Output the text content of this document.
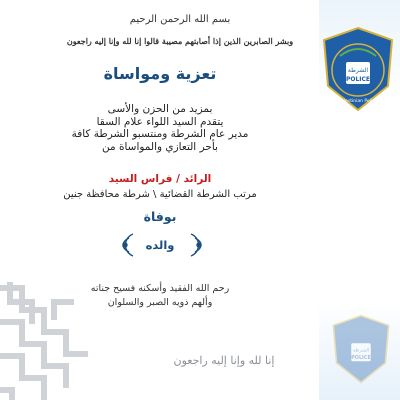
بسم الله الرحمن الرحيم
وبشر الصابرين الذين إذا أصابتهم مصيبة قالوا إنا لله وإنا إليه راجعون
تعزية ومواساة
بمزيد من الحزن والأسى
يتقدم السيد اللواء علام السقا
مدير عام الشرطة ومنتسبو الشرطة كافة
بأحر التعازي والمواساة من
الرائد / فراس السيد
مرتب الشرطة القضائية \ شرطة محافظة جنين
بوفاة
والده
رحم الله الفقيد وأسكنه فسيح جناته
وألهم ذويه الصبر والسلوان
إنا لله وإنا إليه راجعون
الشرطة
POLICE
Palestinian Police
الشرطة
POLICE
